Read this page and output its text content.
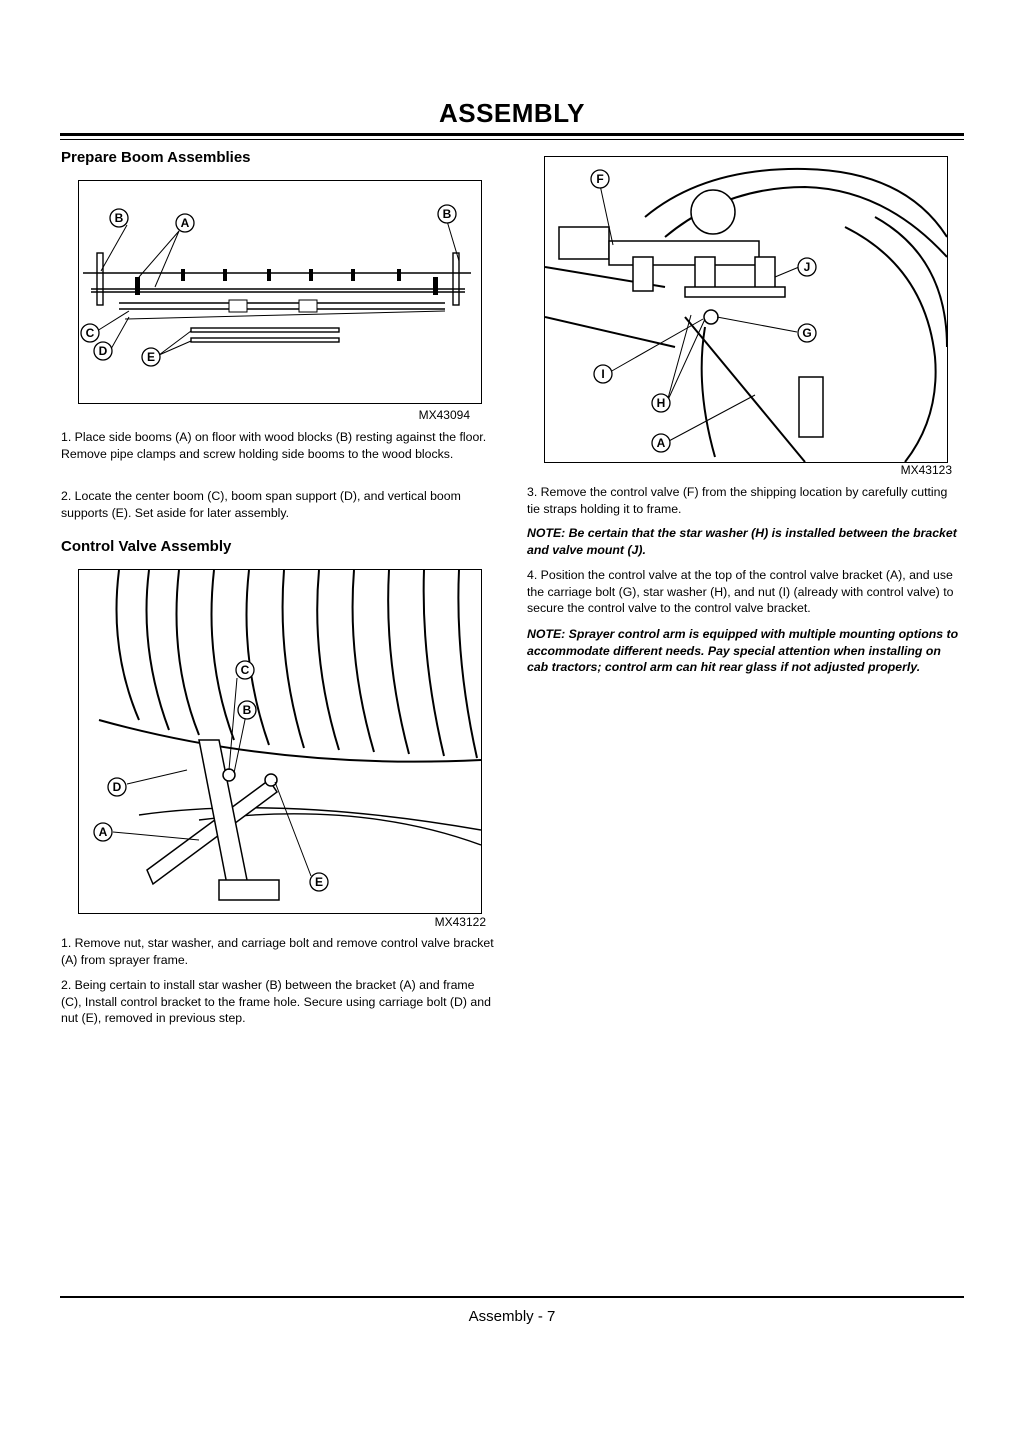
ASSEMBLY
Prepare Boom Assemblies
B	A
B
C
D	E
MX43094
1. Place side booms (A) on floor with wood blocks (B) resting against the floor. Remove pipe clamps and screw holding side booms to the wood blocks.
2. Locate the center boom (C), boom span support (D), and vertical boom supports (E). Set aside for later assembly.
Control Valve Assembly
C
B
D
A
E
MX43122
1. Remove nut, star washer, and carriage bolt and remove control valve bracket (A) from sprayer frame.
2. Being certain to install star washer (B) between the bracket (A) and frame (C), Install control bracket to the frame hole. Secure using carriage bolt (D) and nut (E), removed in previous step.
F
J
G
I
H
A
MX43123
3. Remove the control valve (F) from the shipping location by carefully cutting tie straps holding it to frame.
NOTE: Be certain that the star washer (H) is installed between the bracket and valve mount (J).
4. Position the control valve at the top of the control valve bracket (A), and use the carriage bolt (G), star washer (H), and nut (I) (already with control valve) to secure the control valve to the control valve bracket.
NOTE: Sprayer control arm is equipped with multiple mounting options to accommodate different needs. Pay special attention when installing on cab tractors; control arm can hit rear glass if not adjusted properly.
Assembly - 7
